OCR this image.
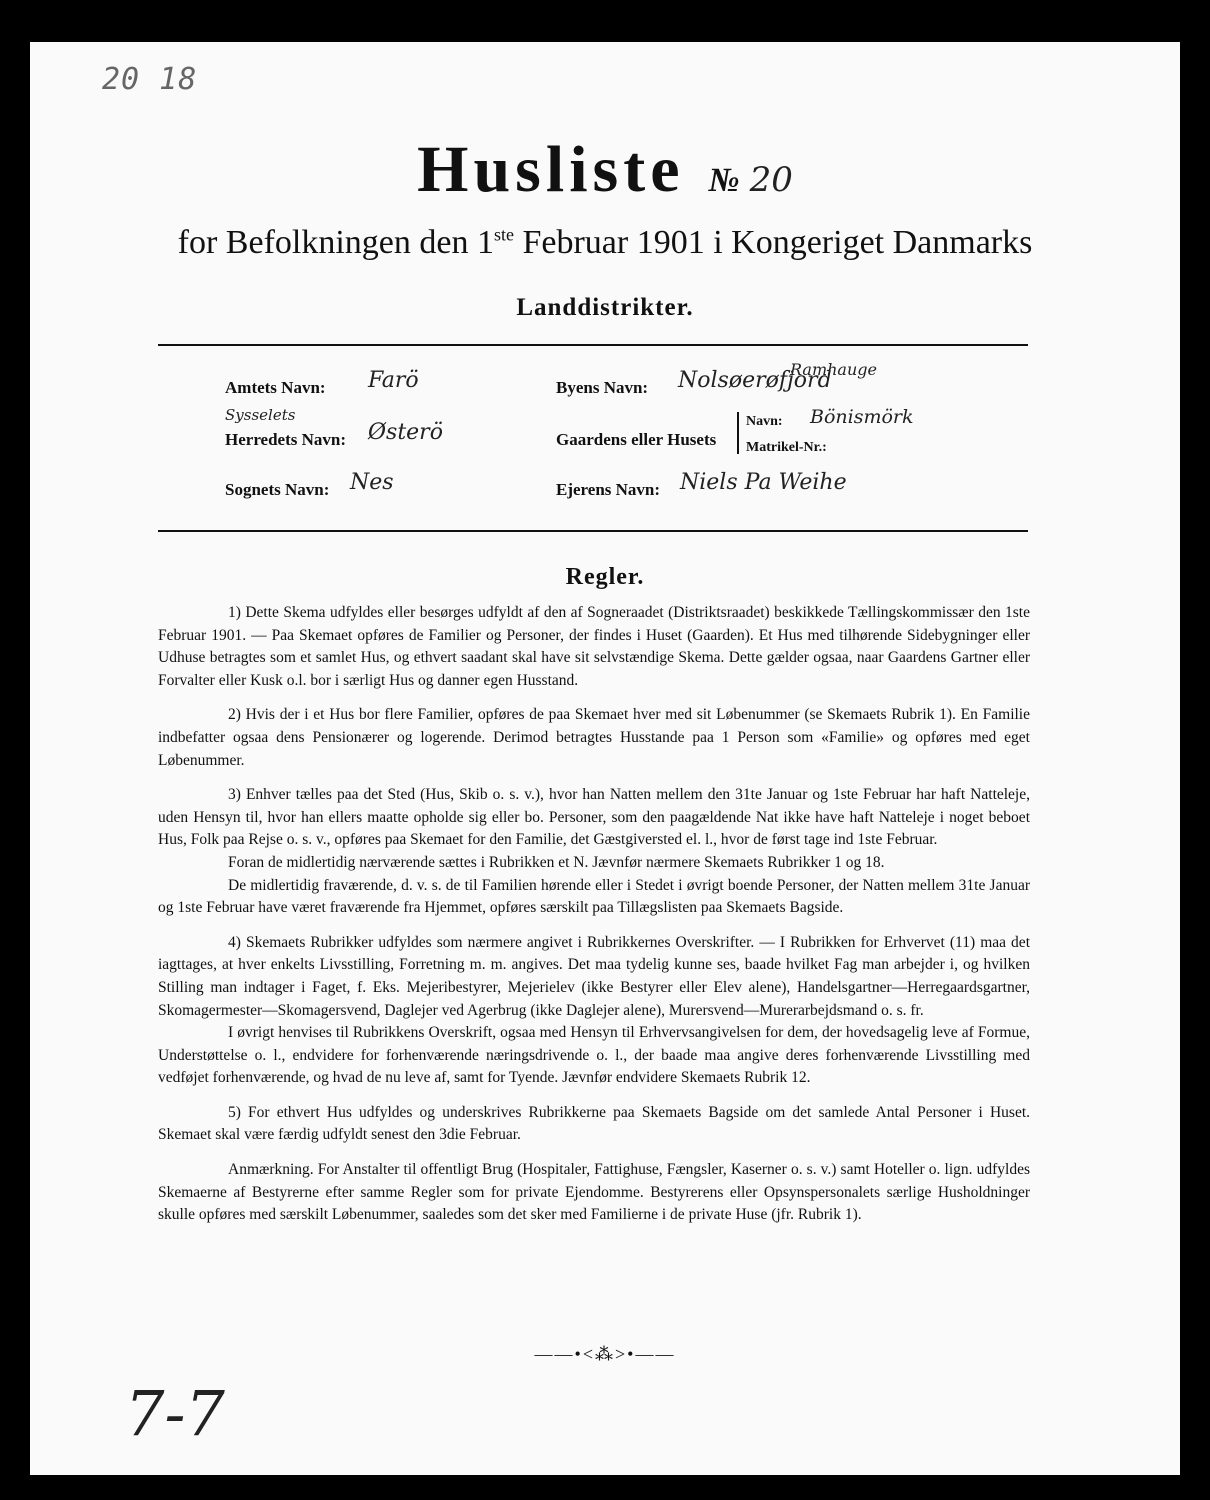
20 18
Husliste № 20
for Befolkningen den 1ste Februar 1901 i Kongeriget Danmarks
Landdistrikter.
Amtets Navn: Farö
Sysselets
Herredets Navn: Østerö
Sognets Navn: Nes
Ramhauge
Byens Navn: Nolsøerøfjord
Gaardens eller Husets
Navn: Bönismörk
Matrikel-Nr.:
Ejerens Navn: Niels Pa Weihe
Regler.

1) Dette Skema udfyldes eller besørges udfyldt af den af Sogneraadet (Distriktsraadet) beskikkede Tællingskommissær den 1ste Februar 1901. — Paa Skemaet opføres de Familier og Personer, der findes i Huset (Gaarden). Et Hus med tilhørende Sidebygninger eller Udhuse betragtes som et samlet Hus, og ethvert saadant skal have sit selvstændige Skema. Dette gælder ogsaa, naar Gaardens Gartner eller Forvalter eller Kusk o.l. bor i særligt Hus og danner egen Husstand.

2) Hvis der i et Hus bor flere Familier, opføres de paa Skemaet hver med sit Løbenummer (se Skemaets Rubrik 1). En Familie indbefatter ogsaa dens Pensionærer og logerende. Derimod betragtes Husstande paa 1 Person som «Familie» og opføres med eget Løbenummer.

3) Enhver tælles paa det Sted (Hus, Skib o. s. v.), hvor han Natten mellem den 31te Januar og 1ste Februar har haft Natteleje, uden Hensyn til, hvor han ellers maatte opholde sig eller bo. Personer, som den paagældende Nat ikke have haft Natteleje i noget beboet Hus, Folk paa Rejse o. s. v., opføres paa Skemaet for den Familie, det Gæstgiversted el. l., hvor de først tage ind 1ste Februar.

Foran de midlertidig nærværende sættes i Rubrikken et N. Jævnfør nærmere Skemaets Rubrikker 1 og 18.

De midlertidig fraværende, d. v. s. de til Familien hørende eller i Stedet i øvrigt boende Personer, der Natten mellem 31te Januar og 1ste Februar have været fraværende fra Hjemmet, opføres særskilt paa Tillægslisten paa Skemaets Bagside.

4) Skemaets Rubrikker udfyldes som nærmere angivet i Rubrikkernes Overskrifter. — I Rubrikken for Erhvervet (11) maa det iagttages, at hver enkelts Livsstilling, Forretning m. m. angives. Det maa tydelig kunne ses, baade hvilket Fag man arbejder i, og hvilken Stilling man indtager i Faget, f. Eks. Mejeribestyrer, Mejerielev (ikke Bestyrer eller Elev alene), Handelsgartner—Herregaardsgartner, Skomagermester—Skomagersvend, Daglejer ved Agerbrug (ikke Daglejer alene), Murersvend—Murerarbejdsmand o. s. fr.

I øvrigt henvises til Rubrikkens Overskrift, ogsaa med Hensyn til Erhvervsangivelsen for dem, der hovedsagelig leve af Formue, Understøttelse o. l., endvidere for forhenværende næringsdrivende o. l., der baade maa angive deres forhenværende Livsstilling med vedføjet forhenværende, og hvad de nu leve af, samt for Tyende. Jævnfør endvidere Skemaets Rubrik 12.

5) For ethvert Hus udfyldes og underskrives Rubrikkerne paa Skemaets Bagside om det samlede Antal Personer i Huset. Skemaet skal være færdig udfyldt senest den 3die Februar.

Anmærkning. For Anstalter til offentligt Brug (Hospitaler, Fattighuse, Fængsler, Kaserner o. s. v.) samt Hoteller o. lign. udfyldes Skemaerne af Bestyrerne efter samme Regler som for private Ejendomme. Bestyrerens eller Opsynspersonalets særlige Husholdninger skulle opføres med særskilt Løbenummer, saaledes som det sker med Familierne i de private Huse (jfr. Rubrik 1).

——•<⁂>•——
7-7
